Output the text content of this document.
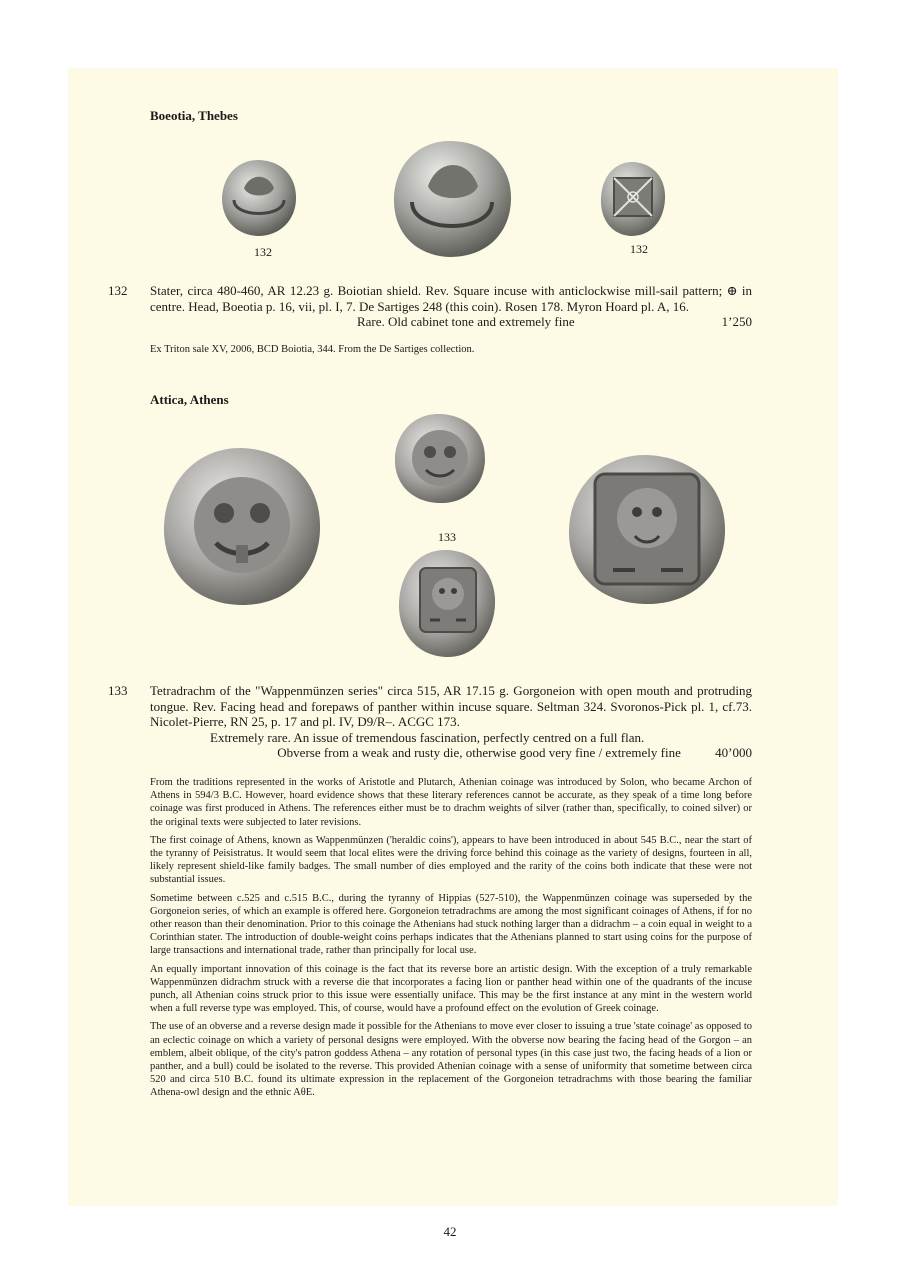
Boeotia, Thebes
132	132
132 Stater, circa 480-460, AR 12.23 g. Boiotian shield. Rev. Square incuse with anticlockwise mill-sail pattern; ⊕ in centre. Head, Boeotia p. 16, vii, pl. I, 7. De Sartiges 248 (this coin). Rosen 178. Myron Hoard pl. A, 16.
Rare. Old cabinet tone and extremely fine	1’250
Ex Triton sale XV, 2006, BCD Boiotia, 344. From the De Sartiges collection.
Attica, Athens
133
133 Tetradrachm of the "Wappenmünzen series" circa 515, AR 17.15 g. Gorgoneion with open mouth and protruding tongue. Rev. Facing head and forepaws of panther within incuse square. Seltman 324. Svoronos-Pick pl. 1, cf.73. Nicolet-Pierre, RN 25, p. 17 and pl. IV, D9/R–. ACGC 173.
Extremely rare. An issue of tremendous fascination, perfectly centred on a full flan.
Obverse from a weak and rusty die, otherwise good very fine / extremely fine	40’000

From the traditions represented in the works of Aristotle and Plutarch, Athenian coinage was introduced by Solon, who became Archon of Athens in 594/3 B.C. However, hoard evidence shows that these literary references cannot be accurate, as they speak of a time long before coinage was first produced in Athens. The references either must be to drachm weights of silver (rather than, specifically, to coined silver) or the original texts were subjected to later revisions.

The first coinage of Athens, known as Wappenmünzen ('heraldic coins'), appears to have been introduced in about 545 B.C., near the start of the tyranny of Peisistratus. It would seem that local elites were the driving force behind this coinage as the variety of designs, fourteen in all, likely represent shield-like family badges. The small number of dies employed and the rarity of the coins both indicate that these were not substantial issues.

Sometime between c.525 and c.515 B.C., during the tyranny of Hippias (527-510), the Wappenmünzen coinage was superseded by the Gorgoneion series, of which an example is offered here. Gorgoneion tetradrachms are among the most significant coinages of Athens, if for no other reason than their denomination. Prior to this coinage the Athenians had stuck nothing larger than a didrachm – a coin equal in weight to a Corinthian stater. The introduction of double-weight coins perhaps indicates that the Athenians planned to start using coins for the purpose of large transactions and international trade, rather than principally for local use.

An equally important innovation of this coinage is the fact that its reverse bore an artistic design. With the exception of a truly remarkable Wappenmünzen didrachm struck with a reverse die that incorporates a facing lion or panther head within one of the quadrants of the incuse punch, all Athenian coins struck prior to this issue were essentially uniface. This may be the first instance at any mint in the western world when a full reverse type was employed. This, of course, would have a profound effect on the evolution of Greek coinage.

The use of an obverse and a reverse design made it possible for the Athenians to move ever closer to issuing a true 'state coinage' as opposed to an eclectic coinage on which a variety of personal designs were employed. With the obverse now bearing the facing head of the Gorgon – an emblem, albeit oblique, of the city's patron goddess Athena – any rotation of personal types (in this case just two, the facing heads of a lion or panther, and a bull) could be isolated to the reverse. This provided Athenian coinage with a sense of uniformity that sometime between circa 520 and circa 510 B.C. found its ultimate expression in the replacement of the Gorgoneion tetradrachms with those bearing the familiar Athena-owl design and the ethnic AθE.

42
